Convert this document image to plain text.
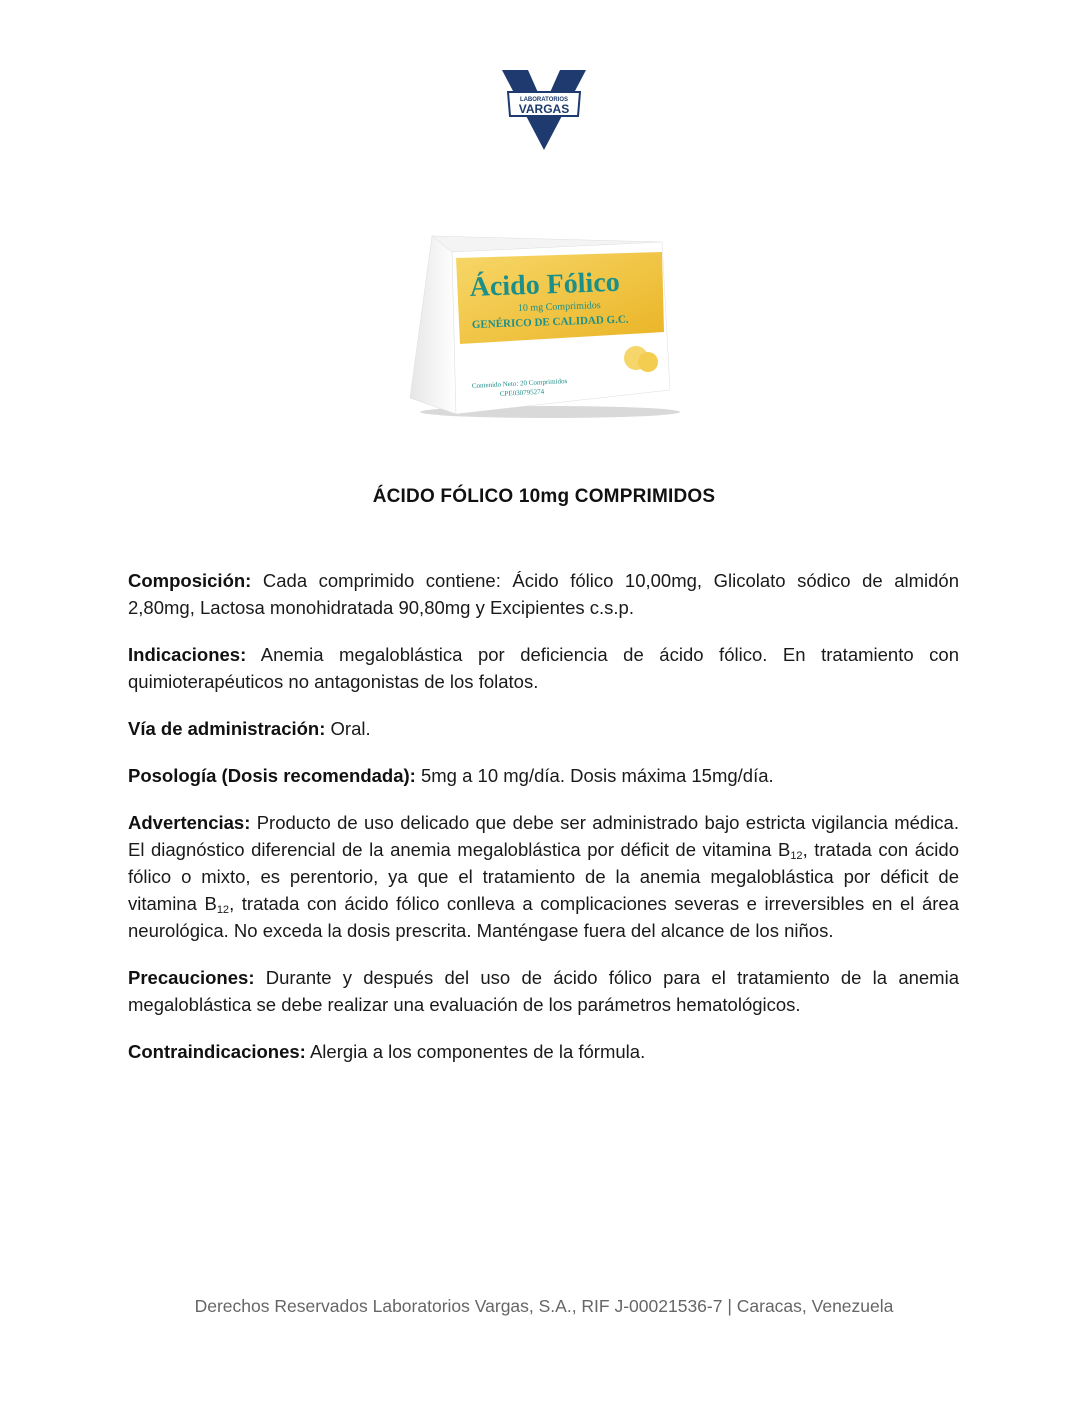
LABORATORIOS
VARGAS
Ácido Fólico
10 mg Comprimidos
GENÉRICO DE CALIDAD G.C.
Contenido Neto: 20 Comprimidos
CPE030795274
ÁCIDO FÓLICO 10mg COMPRIMIDOS

Composición: Cada comprimido contiene: Ácido fólico 10,00mg, Glicolato sódico de almidón 2,80mg, Lactosa monohidratada 90,80mg y Excipientes c.s.p.

Indicaciones: Anemia megaloblástica por deficiencia de ácido fólico. En tratamiento con quimioterapéuticos no antagonistas de los folatos.

Vía de administración: Oral.

Posología (Dosis recomendada): 5mg a 10 mg/día. Dosis máxima 15mg/día.

Advertencias: Producto de uso delicado que debe ser administrado bajo estricta vigilancia médica. El diagnóstico diferencial de la anemia megaloblástica por déficit de vitamina $B_{12}$, tratada con ácido fólico o mixto, es perentorio, ya que el tratamiento de la anemia megaloblástica por déficit de vitamina $B_{12}$, tratada con ácido fólico conlleva a complicaciones severas e irreversibles en el área neurológica. No exceda la dosis prescrita. Manténgase fuera del alcance de los niños.

Precauciones: Durante y después del uso de ácido fólico para el tratamiento de la anemia megaloblástica se debe realizar una evaluación de los parámetros hematológicos.

Contraindicaciones: Alergia a los componentes de la fórmula.

Derechos Reservados Laboratorios Vargas, S.A., RIF J-00021536-7 | Caracas, Venezuela
